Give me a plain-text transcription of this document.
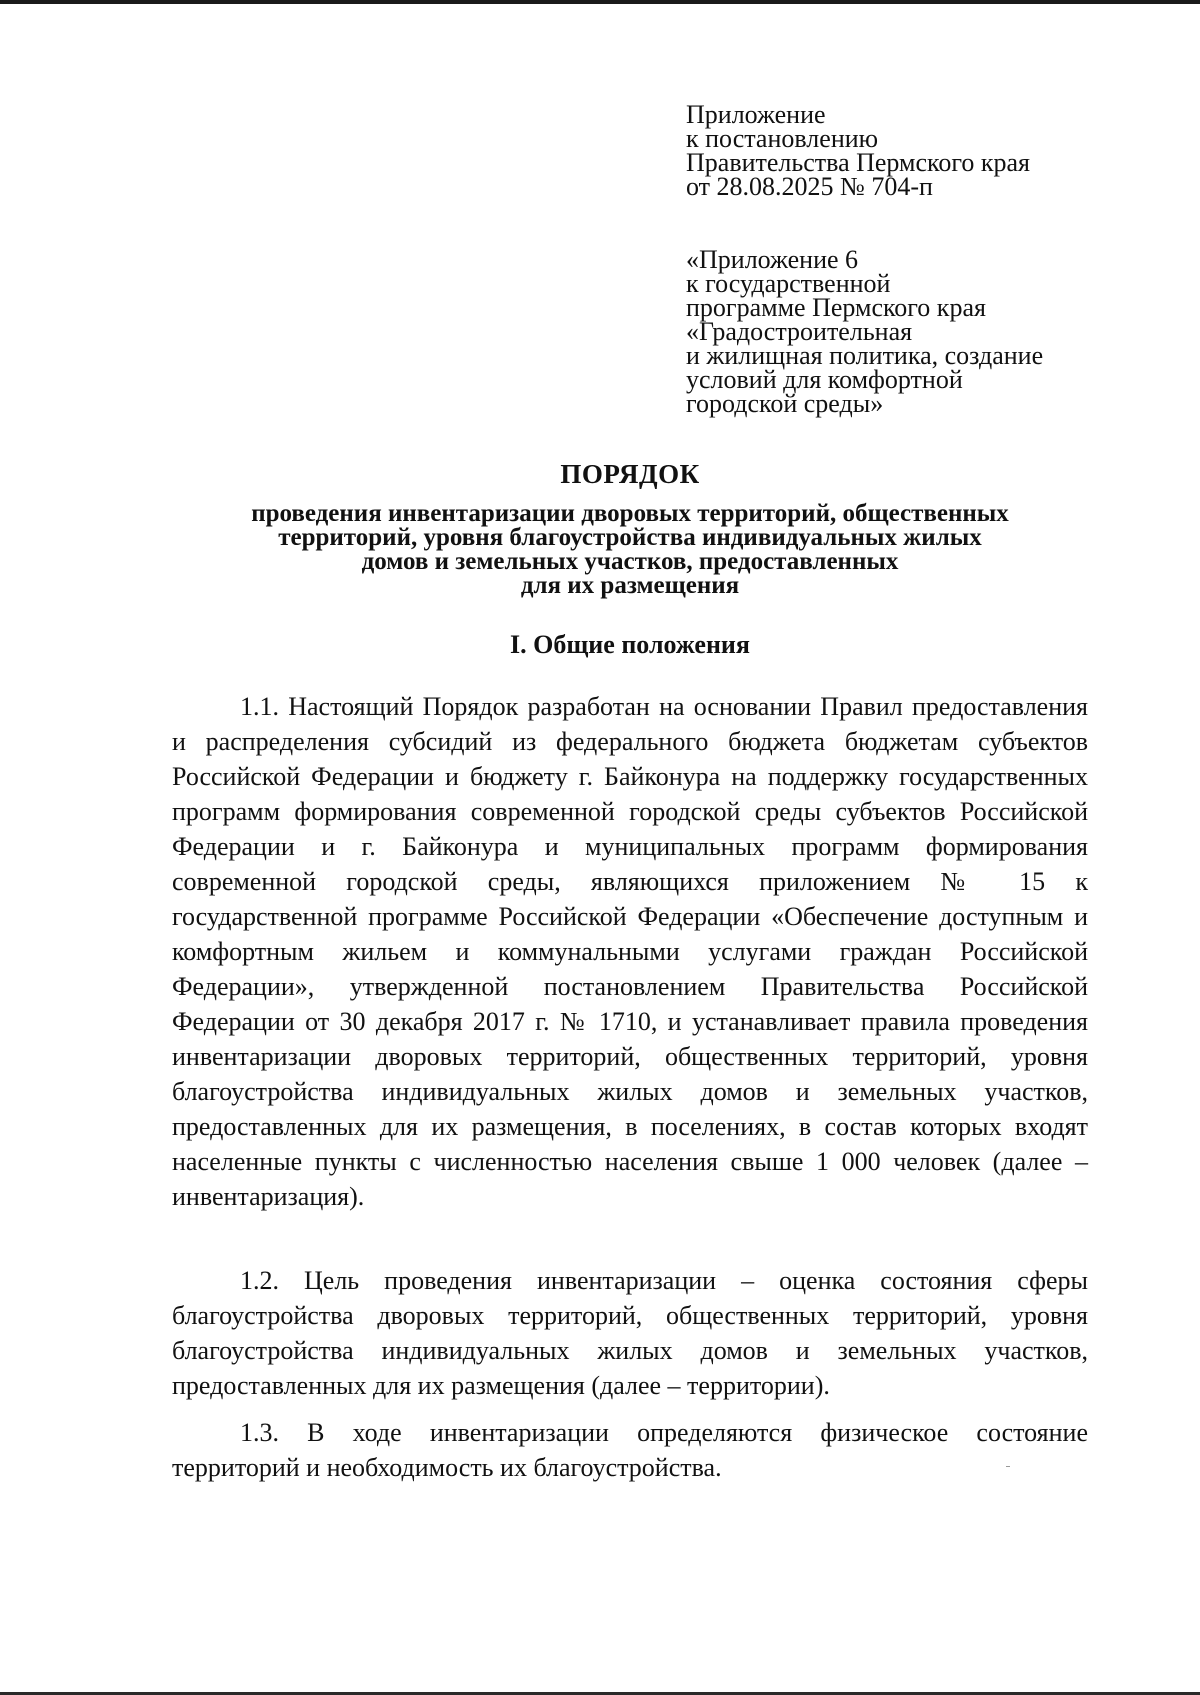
Приложение
к постановлению
Правительства Пермского края
от 28.08.2025 № 704-п
«Приложение 6
к государственной
программе Пермского края
«Градостроительная
и жилищная политика, создание
условий для комфортной
городской среды»
ПОРЯДОК
проведения инвентаризации дворовых территорий, общественных
территорий, уровня благоустройства индивидуальных жилых
домов и земельных участков, предоставленных
для их размещения
I. Общие положения

1.1. Настоящий Порядок разработан на основании Правил предоставления и распределения субсидий из федерального бюджета бюджетам субъектов Российской Федерации и бюджету г. Байконура на поддержку государственных программ формирования современной городской среды субъектов Российской Федерации и г. Байконура и муниципальных программ формирования современной городской среды, являющихся приложением № 15 к государственной программе Российской Федерации «Обеспечение доступным и комфортным жильем и коммунальными услугами граждан Российской Федерации», утвержденной постановлением Правительства Российской Федерации от 30 декабря 2017 г. № 1710, и устанавливает правила проведения инвентаризации дворовых территорий, общественных территорий, уровня благоустройства индивидуальных жилых домов и земельных участков, предоставленных для их размещения, в поселениях, в состав которых входят населенные пункты с численностью населения свыше 1 000 человек (далее – инвентаризация).

1.2. Цель проведения инвентаризации – оценка состояния сферы благоустройства дворовых территорий, общественных территорий, уровня благоустройства индивидуальных жилых домов и земельных участков, предоставленных для их размещения (далее – территории).

1.3. В ходе инвентаризации определяются физическое состояние территорий и необходимость их благоустройства.
